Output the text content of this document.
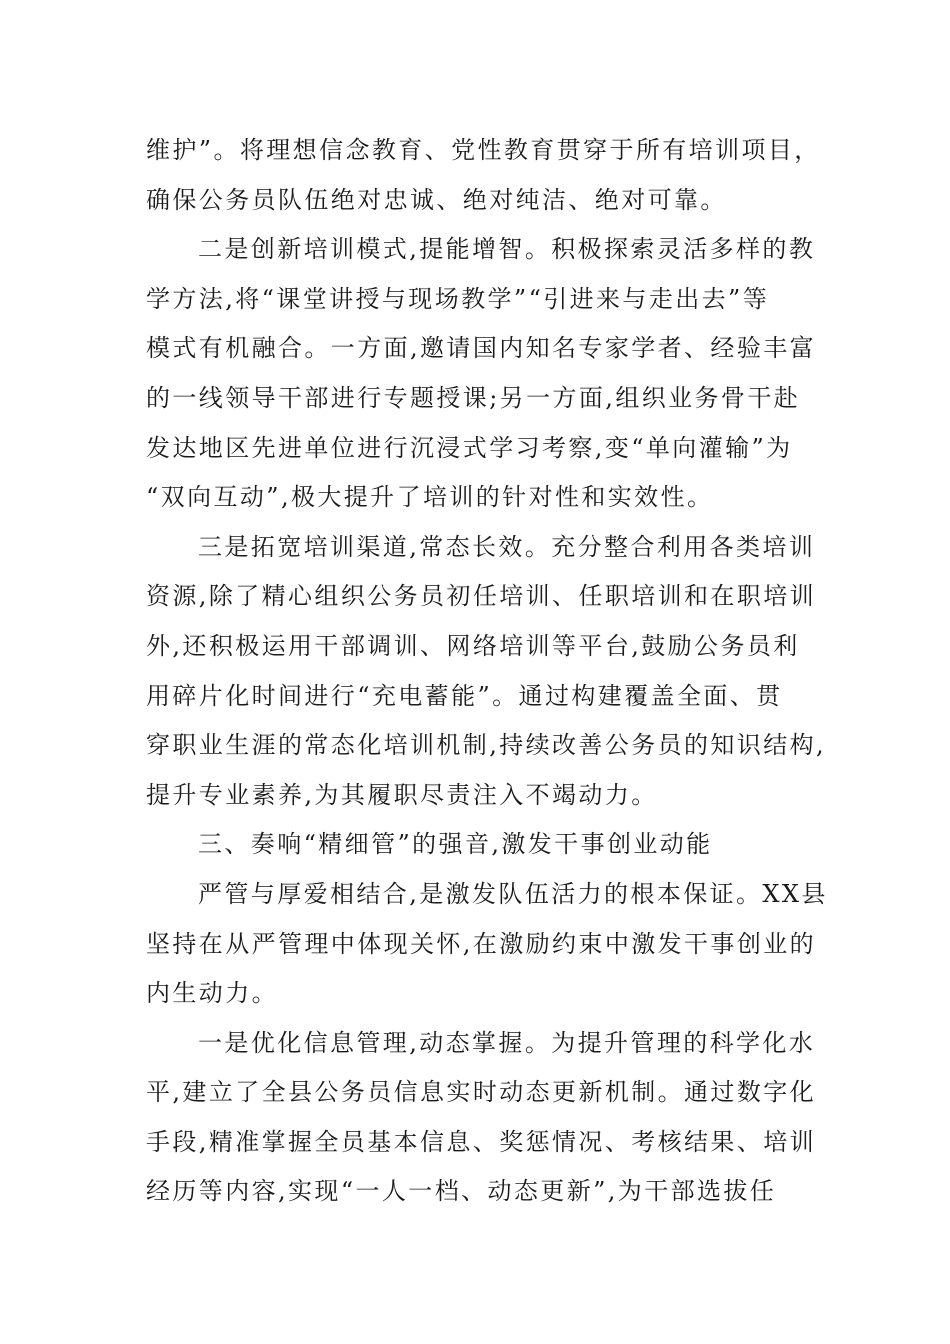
维护”。将理想信念教育、党性教育贯穿于所有培训项目，
确保公务员队伍绝对忠诚、绝对纯洁、绝对可靠。
二是创新培训模式,提能增智。积极探索灵活多样的教
学方法,将“课堂讲授与现场教学”“引进来与走出去”等
模式有机融合。一方面,邀请国内知名专家学者、经验丰富
的一线领导干部进行专题授课;另一方面,组织业务骨干赴
发达地区先进单位进行沉浸式学习考察,变“单向灌输”为
“双向互动”,极大提升了培训的针对性和实效性。
三是拓宽培训渠道,常态长效。充分整合利用各类培训
资源,除了精心组织公务员初任培训、任职培训和在职培训
外,还积极运用干部调训、网络培训等平台,鼓励公务员利
用碎片化时间进行“充电蓄能”。通过构建覆盖全面、贯
穿职业生涯的常态化培训机制,持续改善公务员的知识结构,
提升专业素养,为其履职尽责注入不竭动力。
三、奏响“精细管”的强音,激发干事创业动能
严管与厚爱相结合,是激发队伍活力的根本保证。XX县
坚持在从严管理中体现关怀,在激励约束中激发干事创业的
内生动力。
一是优化信息管理,动态掌握。为提升管理的科学化水
平,建立了全县公务员信息实时动态更新机制。通过数字化
手段,精准掌握全员基本信息、奖惩情况、考核结果、培训
经历等内容,实现“一人一档、动态更新”,为干部选拔任
